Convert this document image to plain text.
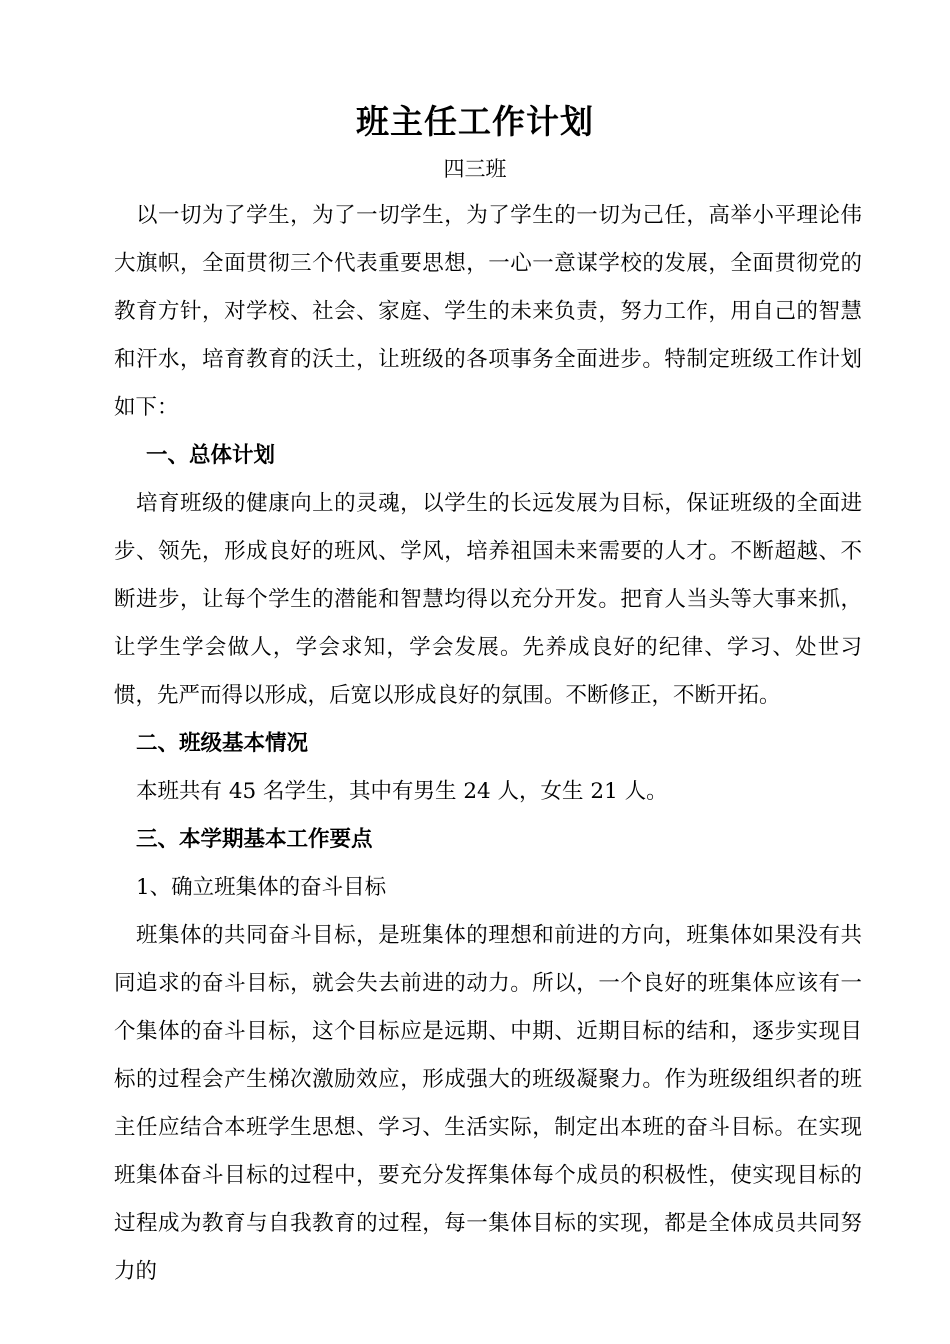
班主任工作计划
四三班

以一切为了学生，为了一切学生，为了学生的一切为己任，高举小平理论伟大旗帜，全面贯彻三个代表重要思想，一心一意谋学校的发展，全面贯彻党的教育方针，对学校、社会、家庭、学生的未来负责，努力工作，用自己的智慧和汗水，培育教育的沃土，让班级的各项事务全面进步。特制定班级工作计划如下：

一、总体计划

培育班级的健康向上的灵魂，以学生的长远发展为目标，保证班级的全面进步、领先，形成良好的班风、学风，培养祖国未来需要的人才。不断超越、不断进步，让每个学生的潜能和智慧均得以充分开发。把育人当头等大事来抓，让学生学会做人，学会求知，学会发展。先养成良好的纪律、学习、处世习惯，先严而得以形成，后宽以形成良好的氛围。不断修正，不断开拓。

二、班级基本情况

本班共有 45 名学生，其中有男生 24 人，女生 21 人。

三、本学期基本工作要点

1、确立班集体的奋斗目标

班集体的共同奋斗目标，是班集体的理想和前进的方向，班集体如果没有共同追求的奋斗目标，就会失去前进的动力。所以，一个良好的班集体应该有一个集体的奋斗目标，这个目标应是远期、中期、近期目标的结和，逐步实现目标的过程会产生梯次激励效应，形成强大的班级凝聚力。作为班级组织者的班主任应结合本班学生思想、学习、生活实际，制定出本班的奋斗目标。在实现班集体奋斗目标的过程中，要充分发挥集体每个成员的积极性，使实现目标的过程成为教育与自我教育的过程，每一集体目标的实现，都是全体成员共同努力的
